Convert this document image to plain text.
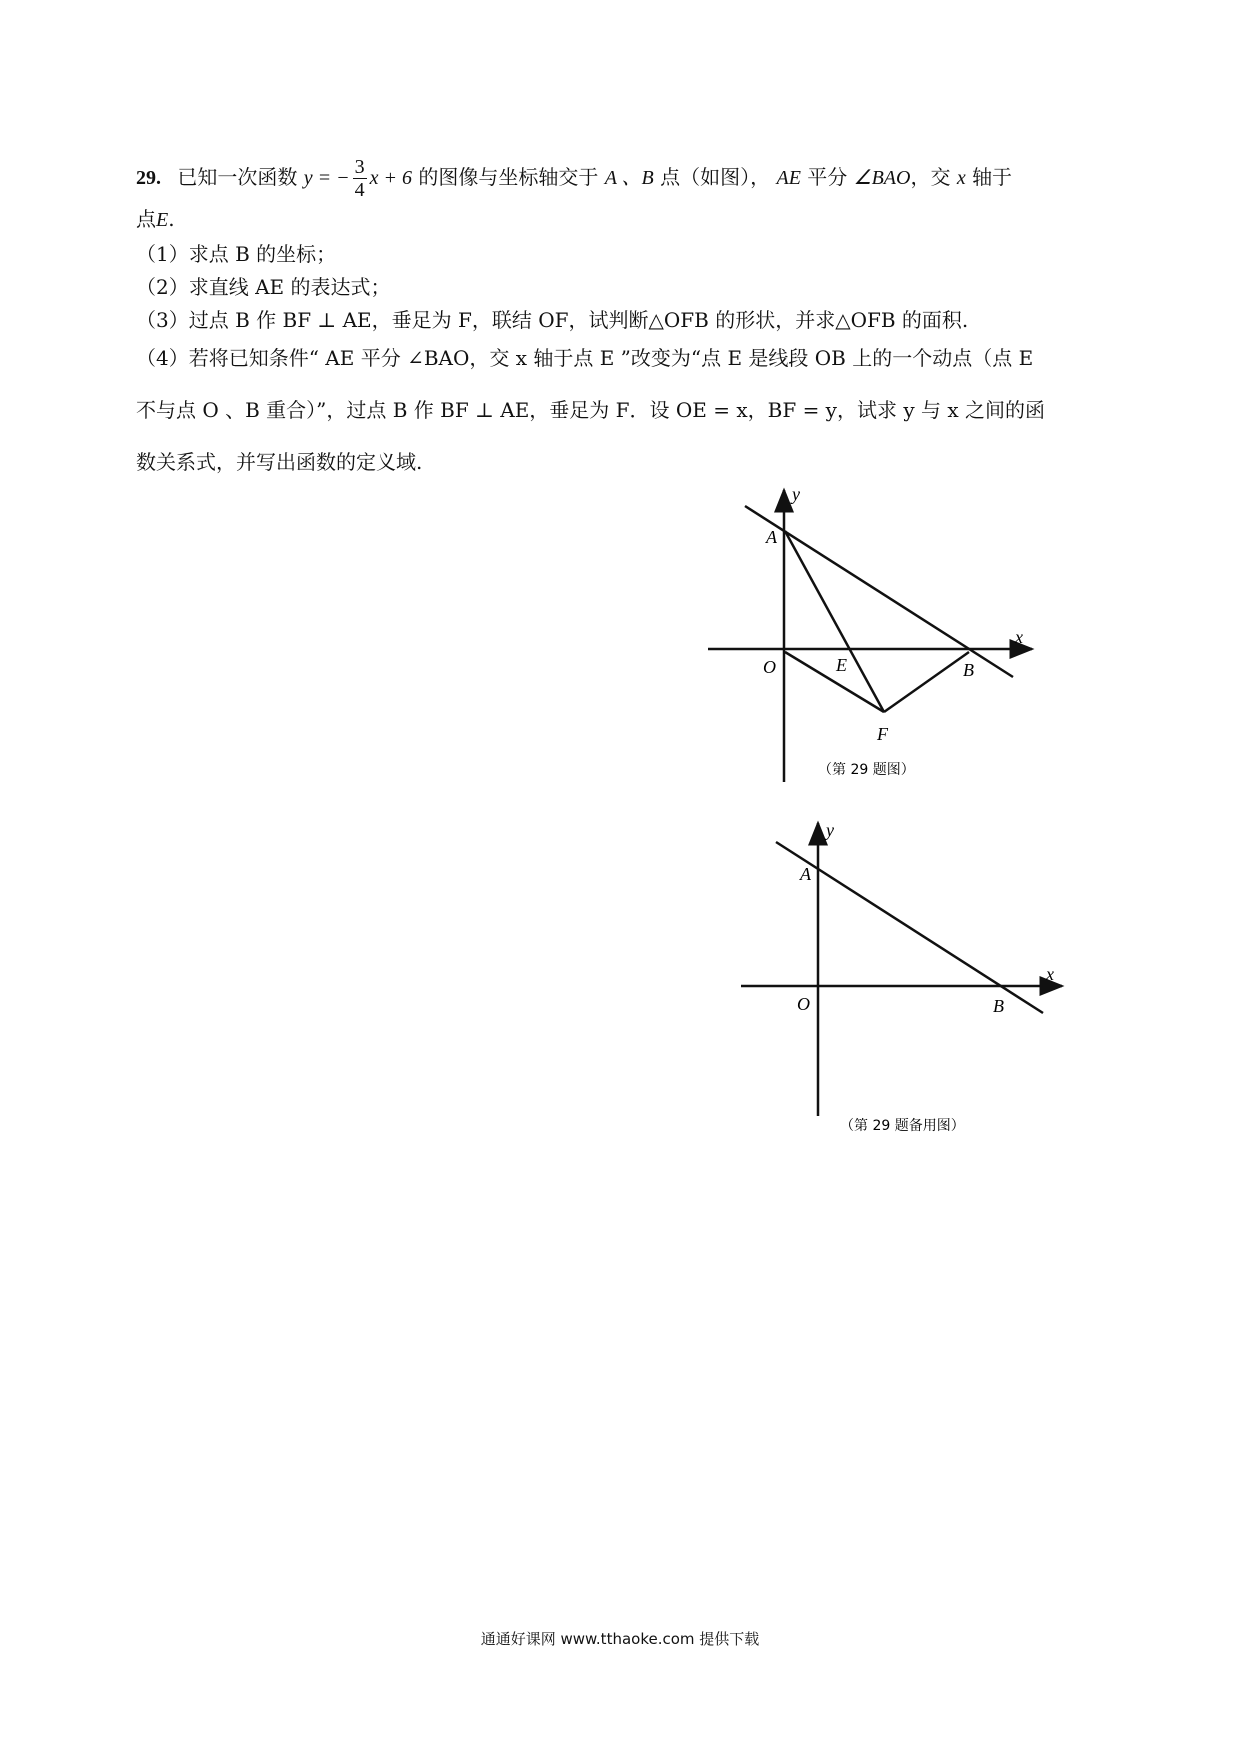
29. 已知一次函数 y = − $\frac{3}{4}$ x + 6 的图像与坐标轴交于 A 、B 点（如图）， AE 平分 ∠BAO，交 x 轴于
点E.
（1）求点 B 的坐标；
（2）求直线 AE 的表达式；
（3）过点 B 作 BF ⊥ AE，垂足为 F，联结 OF，试判断△OFB 的形状，并求△OFB 的面积.
（4）若将已知条件“ AE 平分 ∠BAO，交 x 轴于点 E ”改变为“点 E 是线段 OB 上的一个动点（点 E
不与点 O 、B 重合）”，过点 B 作 BF ⊥ AE，垂足为 F．设 OE = x，BF = y，试求 y 与 x 之间的函
数关系式，并写出函数的定义域.
y
x
A
O	E	B
F
（第 29 题图）
y
x
A
O	B
（第 29 题备用图）
通通好课网 www.tthaoke.com 提供下载
